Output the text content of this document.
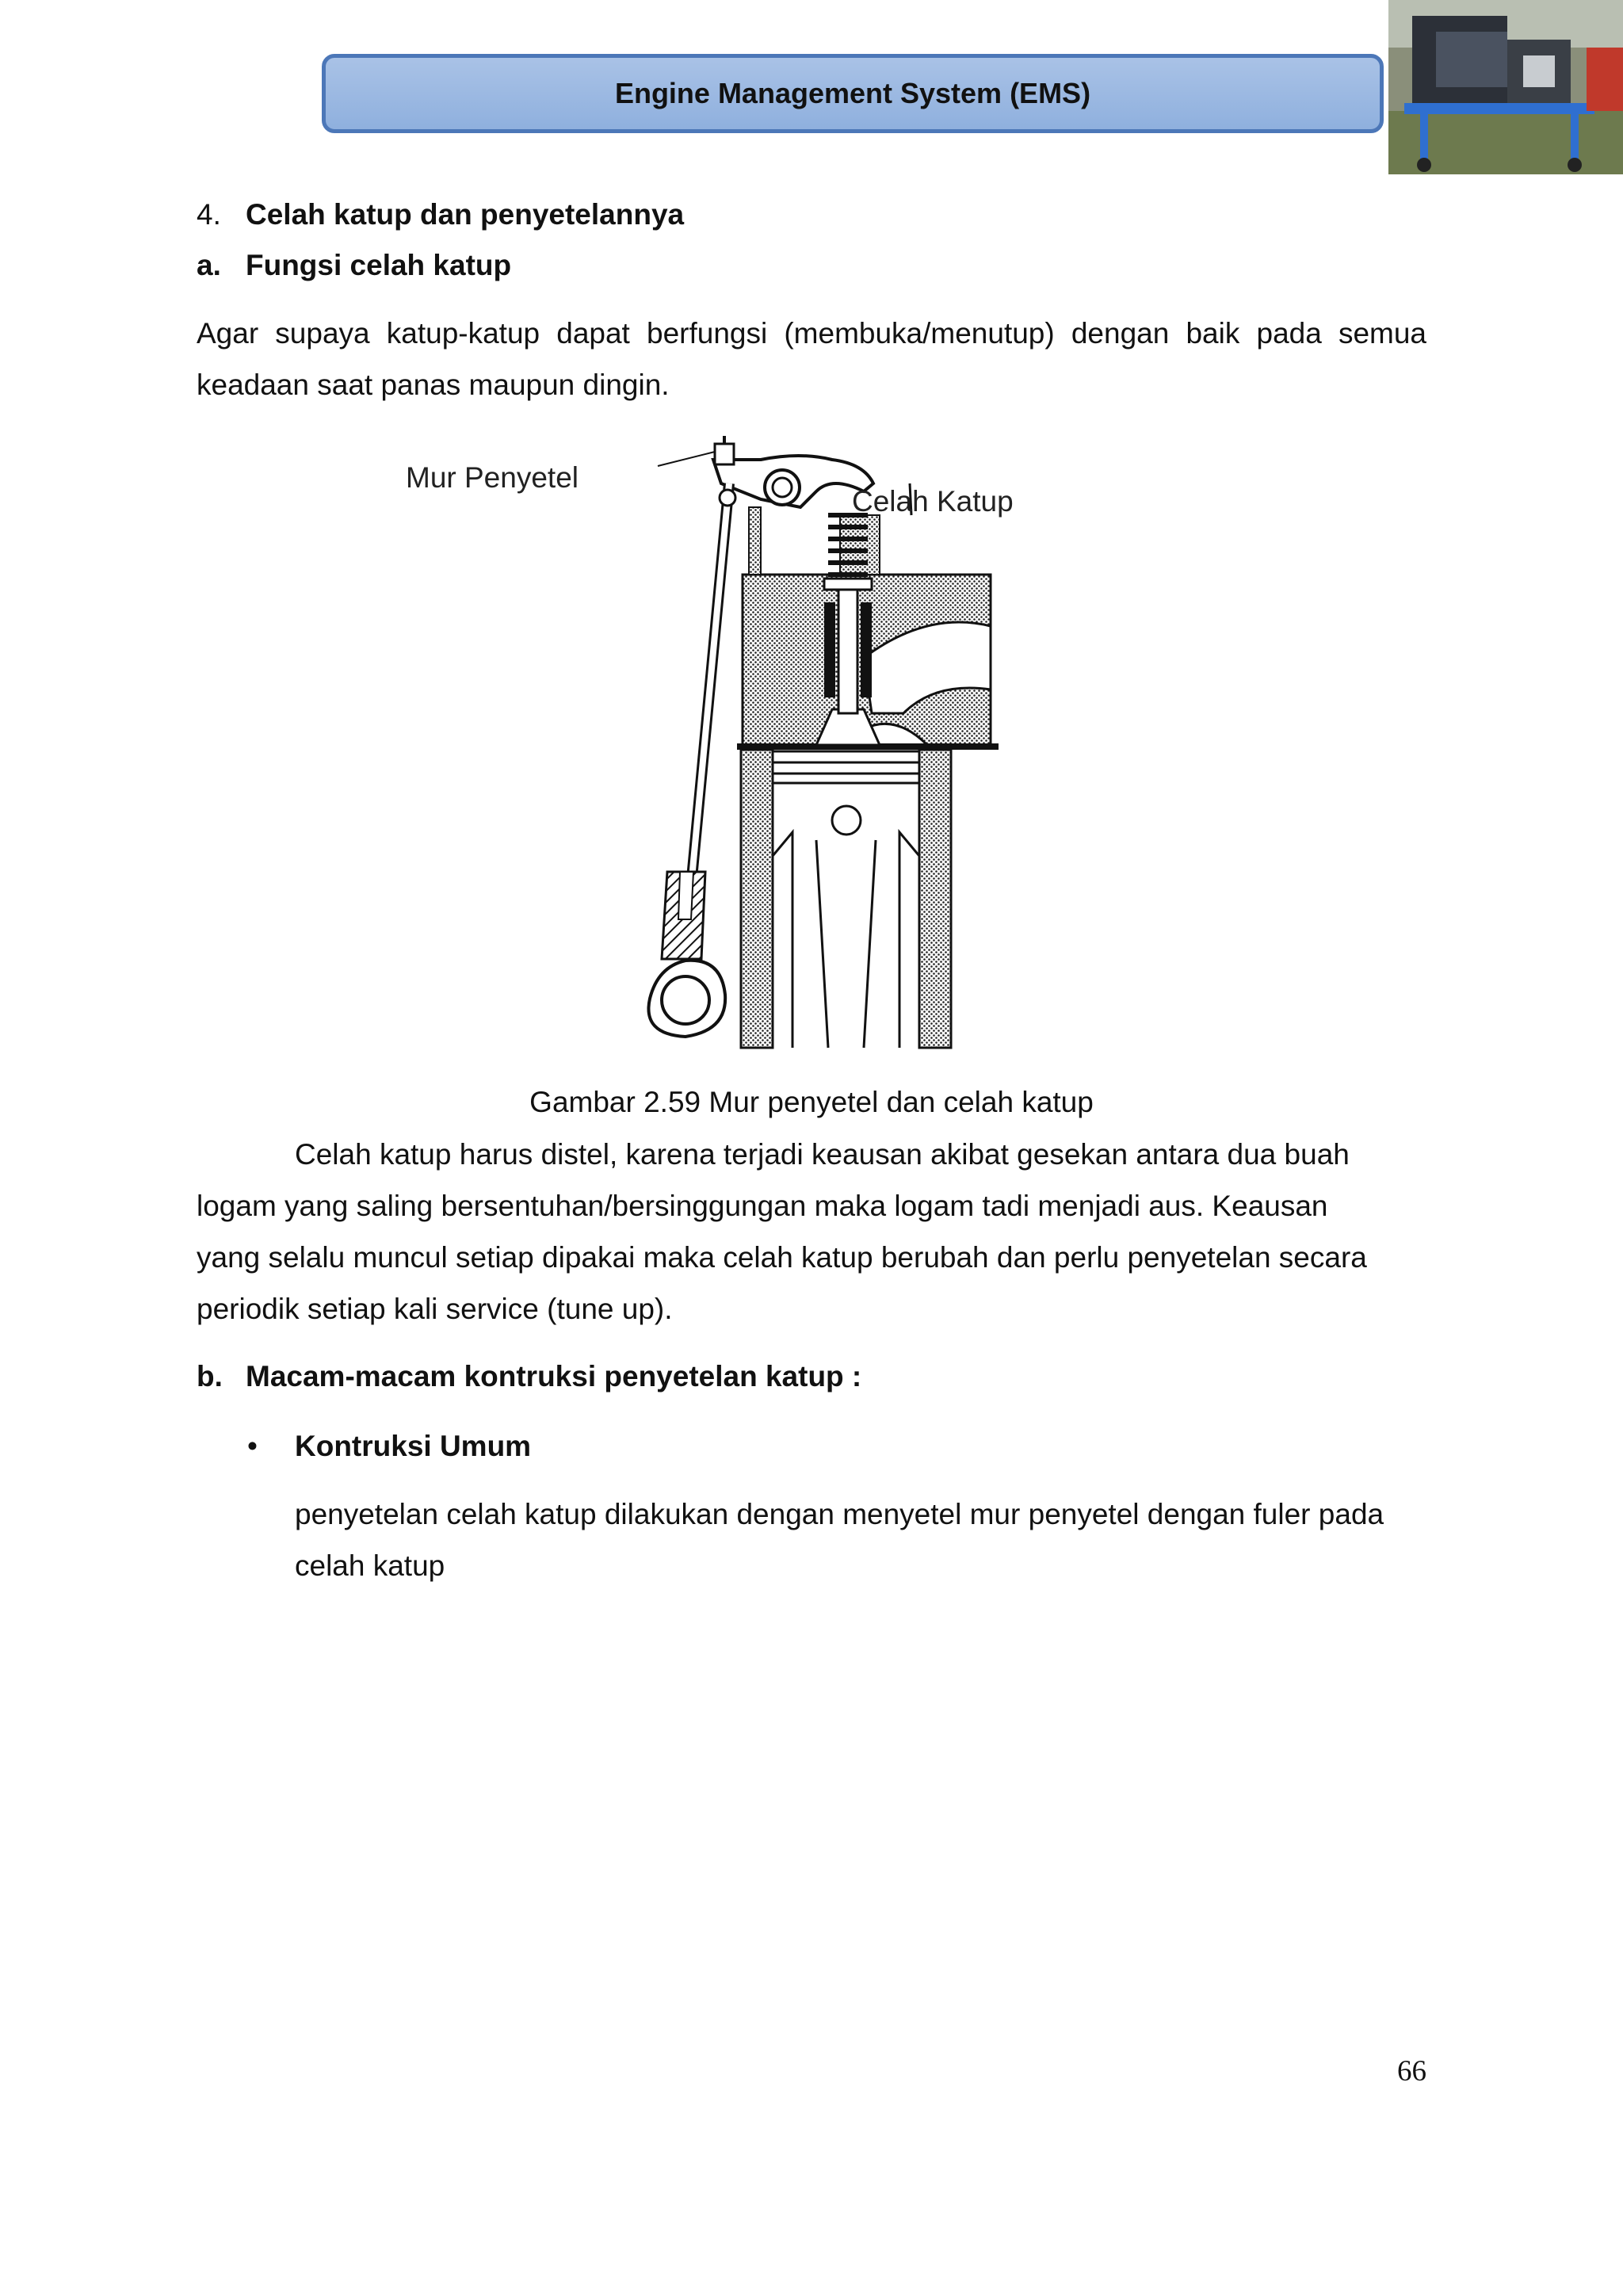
Engine Management System (EMS)
4. Celah katup dan penyetelannya
a. Fungsi celah katup
Agar supaya katup-katup dapat berfungsi (membuka/menutup) dengan baik pada semua
keadaan saat panas maupun dingin.
Mur Penyetel
Celah Katup
Gambar 2.59 Mur penyetel dan celah katup
Celah katup harus distel, karena terjadi keausan akibat gesekan antara dua buah
logam yang saling bersentuhan/bersinggungan maka logam tadi menjadi aus. Keausan
yang selalu muncul setiap dipakai maka celah katup berubah dan perlu penyetelan secara
periodik setiap kali service (tune up).
b. Macam-macam kontruksi penyetelan katup :
• Kontruksi Umum
penyetelan celah katup dilakukan dengan menyetel mur penyetel dengan fuler pada
celah katup
66
